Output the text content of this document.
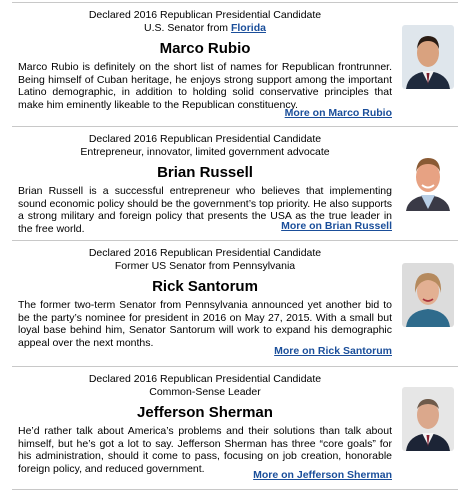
Declared 2016 Republican Presidential Candidate
U.S. Senator from Florida
Marco Rubio
Marco Rubio is definitely on the short list of names for Republican frontrunner. Being himself of Cuban heritage, he enjoys strong support among the important Latino demographic, in addition to holding solid conservative principles that make him eminently likeable to the Republican constituency.
More on Marco Rubio
Declared 2016 Republican Presidential Candidate
Entrepreneur, innovator, limited government advocate
Brian Russell
Brian Russell is a successful entrepreneur who believes that implementing sound economic policy should be the government’s top priority. He also supports a strong military and foreign policy that presents the USA as the true leader in the free world.	More on Brian Russell
Declared 2016 Republican Presidential Candidate
Former US Senator from Pennsylvania
Rick Santorum
The former two-term Senator from Pennsylvania announced yet another bid to be the party’s nominee for president in 2016 on May 27, 2015. With a small but loyal base behind him, Senator Santorum will work to expand his demographic appeal over the next months.
More on Rick Santorum
Declared 2016 Republican Presidential Candidate
Common-Sense Leader
Jefferson Sherman
He’d rather talk about America’s problems and their solutions than talk about himself, but he’s got a lot to say. Jefferson Sherman has three “core goals” for his administration, should it come to pass, focusing on job creation, honorable foreign policy, and reduced government.
More on Jefferson Sherman
